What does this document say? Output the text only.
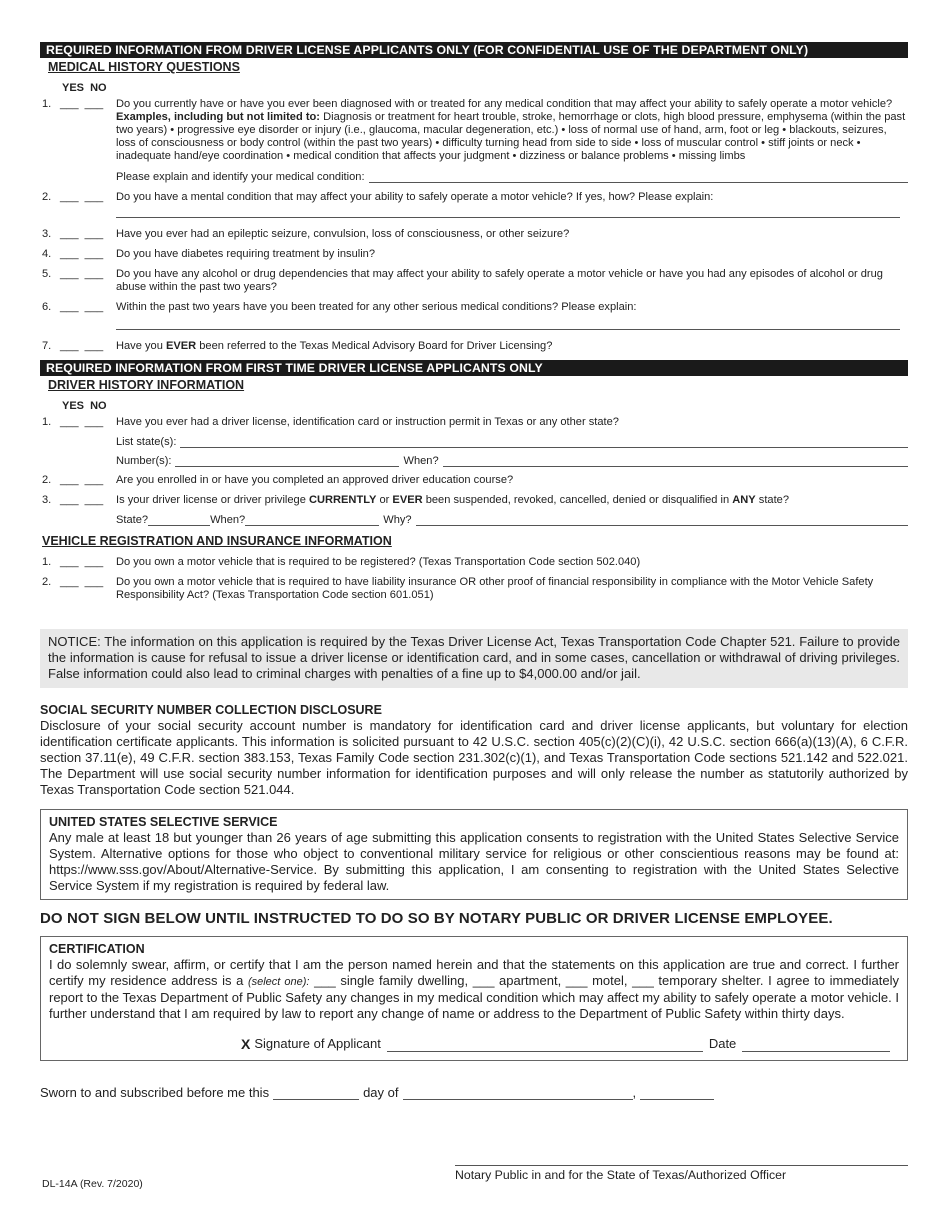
REQUIRED INFORMATION FROM DRIVER LICENSE APPLICANTS ONLY (FOR CONFIDENTIAL USE OF THE DEPARTMENT ONLY)
MEDICAL HISTORY QUESTIONS
YES NO
1. ___  ___ Do you currently have or have you ever been diagnosed with or treated for any medical condition that may affect your ability to safely operate a motor vehicle?
Examples, including but not limited to: Diagnosis or treatment for heart trouble, stroke, hemorrhage or clots, high blood pressure, emphysema (within the past two years) • progressive eye disorder or injury (i.e., glaucoma, macular degeneration, etc.) • loss of normal use of hand, arm, foot or leg • blackouts, seizures, loss of consciousness or body control (within the past two years) • difficulty turning head from side to side • loss of muscular control • stiff joints or neck • inadequate hand/eye coordination • medical condition that affects your judgment • dizziness or balance problems • missing limbs
Please explain and identify your medical condition:
2. ___  ___ Do you have a mental condition that may affect your ability to safely operate a motor vehicle? If yes, how? Please explain:
3. ___  ___ Have you ever had an epileptic seizure, convulsion, loss of consciousness, or other seizure?
4. ___  ___ Do you have diabetes requiring treatment by insulin?
5. ___  ___ Do you have any alcohol or drug dependencies that may affect your ability to safely operate a motor vehicle or have you had any episodes of alcohol or drug abuse within the past two years?
6. ___  ___ Within the past two years have you been treated for any other serious medical conditions? Please explain:
7. ___  ___ Have you EVER been referred to the Texas Medical Advisory Board for Driver Licensing?
REQUIRED INFORMATION FROM FIRST TIME DRIVER LICENSE APPLICANTS ONLY
DRIVER HISTORY INFORMATION
YES NO
1. ___  ___ Have you ever had a driver license, identification card or instruction permit in Texas or any other state?
List state(s):
Number(s):	When?
2. ___  ___ Are you enrolled in or have you completed an approved driver education course?
3. ___  ___ Is your driver license or driver privilege CURRENTLY or EVER been suspended, revoked, cancelled, denied or disqualified in ANY state?
State?	When?	Why?
VEHICLE REGISTRATION AND INSURANCE INFORMATION
1. ___  ___ Do you own a motor vehicle that is required to be registered? (Texas Transportation Code section 502.040)
2. ___  ___ Do you own a motor vehicle that is required to have liability insurance OR other proof of financial responsibility in compliance with the Motor Vehicle Safety Responsibility Act? (Texas Transportation Code section 601.051)
NOTICE: The information on this application is required by the Texas Driver License Act, Texas Transportation Code Chapter 521. Failure to provide the information is cause for refusal to issue a driver license or identification card, and in some cases, cancellation or withdrawal of driving privileges. False information could also lead to criminal charges with penalties of a fine up to $4,000.00 and/or jail.
SOCIAL SECURITY NUMBER COLLECTION DISCLOSURE
Disclosure of your social security account number is mandatory for identification card and driver license applicants, but voluntary for election identification certificate applicants. This information is solicited pursuant to 42 U.S.C. section 405(c)(2)(C)(i), 42 U.S.C. section 666(a)(13)(A), 6 C.F.R. section 37.11(e), 49 C.F.R. section 383.153, Texas Family Code section 231.302(c)(1), and Texas Transportation Code sections 521.142 and 522.021. The Department will use social security number information for identification purposes and will only release the number as statutorily authorized by Texas Transportation Code section 521.044.
UNITED STATES SELECTIVE SERVICE
Any male at least 18 but younger than 26 years of age submitting this application consents to registration with the United States Selective Service System. Alternative options for those who object to conventional military service for religious or other conscientious reasons may be found at: https://www.sss.gov/About/Alternative-Service. By submitting this application, I am consenting to registration with the United States Selective Service System if my registration is required by federal law.
DO NOT SIGN BELOW UNTIL INSTRUCTED TO DO SO BY NOTARY PUBLIC OR DRIVER LICENSE EMPLOYEE.
CERTIFICATION
I do solemnly swear, affirm, or certify that I am the person named herein and that the statements on this application are true and correct. I further certify my residence address is a (select one): ___ single family dwelling, ___ apartment, ___ motel, ___ temporary shelter. I agree to immediately report to the Texas Department of Public Safety any changes in my medical condition which may affect my ability to safely operate a motor vehicle. I further understand that I am required by law to report any change of name or address to the Department of Public Safety within thirty days.
X Signature of Applicant	Date
Sworn to and subscribed before me this	day of	,
Notary Public in and for the State of Texas/Authorized Officer
DL-14A (Rev. 7/2020)
